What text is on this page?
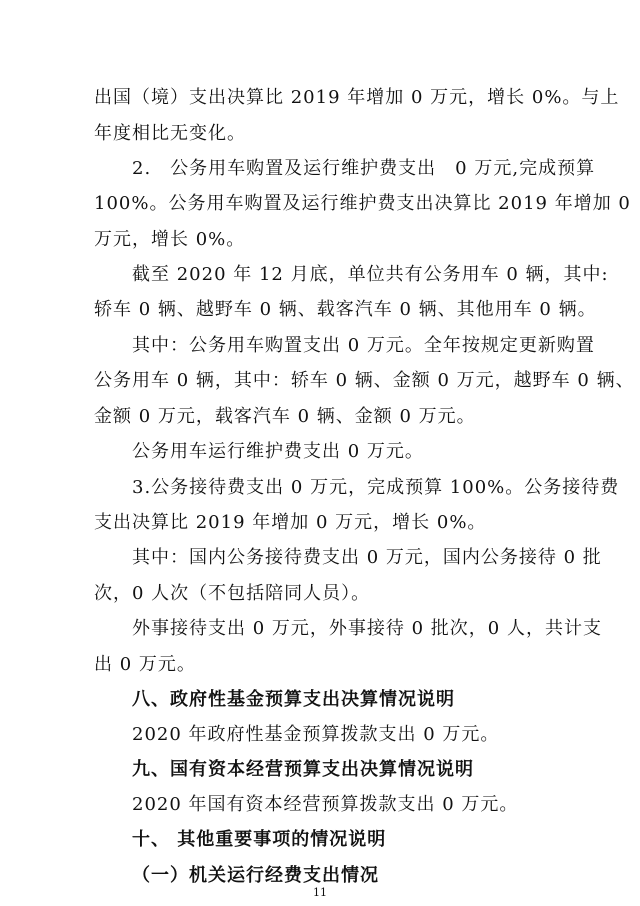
出国（境）支出决算比 2019 年增加 0 万元，增长 0%。与上
年度相比无变化。
2.　公务用车购置及运行维护费支出　0 万元,完成预算
100%。公务用车购置及运行维护费支出决算比 2019 年增加 0
万元，增长 0%。
截至 2020 年 12 月底，单位共有公务用车 0 辆，其中:
轿车 0 辆、越野车 0 辆、载客汽车 0 辆、其他用车 0 辆。
其中：公务用车购置支出 0 万元。全年按规定更新购置
公务用车 0 辆，其中：轿车 0 辆、金额 0 万元，越野车 0 辆、
金额 0 万元，载客汽车 0 辆、金额 0 万元。
公务用车运行维护费支出 0 万元。
3.公务接待费支出 0 万元，完成预算 100%。公务接待费
支出决算比 2019 年增加 0 万元，增长 0%。
其中：国内公务接待费支出 0 万元，国内公务接待 0 批
次，0 人次（不包括陪同人员）。
外事接待支出 0 万元，外事接待 0 批次，0 人，共计支
出 0 万元。
八、政府性基金预算支出决算情况说明
2020 年政府性基金预算拨款支出 0 万元。
九、国有资本经营预算支出决算情况说明
2020 年国有资本经营预算拨款支出 0 万元。
十、 其他重要事项的情况说明
（一）机关运行经费支出情况
11
